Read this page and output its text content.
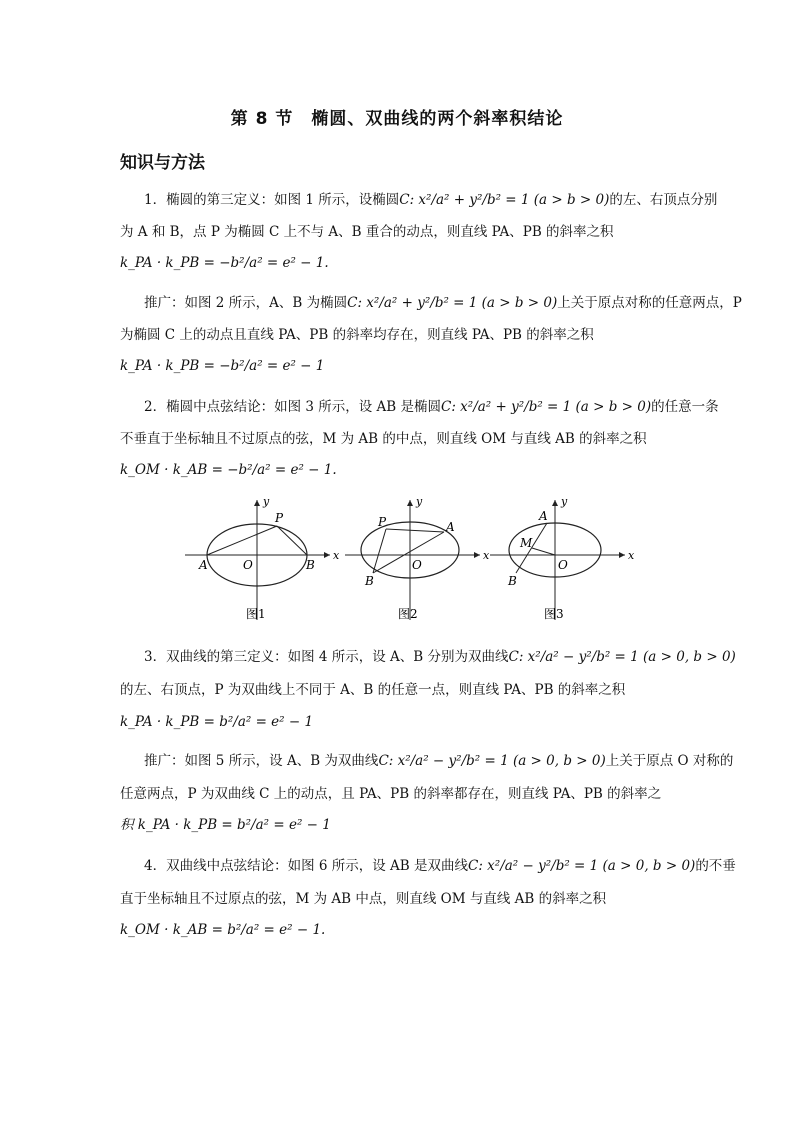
第 8 节　椭圆、双曲线的两个斜率积结论
知识与方法
1．椭圆的第三定义：如图 1 所示，设椭圆C: x²/a² + y²/b² = 1 (a > b > 0)的左、右顶点分别
为 A 和 B，点 P 为椭圆 C 上不与 A、B 重合的动点，则直线 PA、PB 的斜率之积
k_PA · k_PB = −b²/a² = e² − 1.
推广：如图 2 所示，A、B 为椭圆C: x²/a² + y²/b² = 1 (a > b > 0)上关于原点对称的任意两点，P
为椭圆 C 上的动点且直线 PA、PB 的斜率均存在，则直线 PA、PB 的斜率之积
k_PA · k_PB = −b²/a² = e² − 1
2．椭圆中点弦结论：如图 3 所示，设 AB 是椭圆C: x²/a² + y²/b² = 1 (a > b > 0)的任意一条
不垂直于坐标轴且不过原点的弦，M 为 AB 的中点，则直线 OM 与直线 AB 的斜率之积
k_OM · k_AB = −b²/a² = e² − 1.
y
x
P
A	B
O
图1
y
x
P	A
B
O
图2
y
x
A
M
B
O
图3
3．双曲线的第三定义：如图 4 所示，设 A、B 分别为双曲线C: x²/a² − y²/b² = 1 (a > 0, b > 0)
的左、右顶点，P 为双曲线上不同于 A、B 的任意一点，则直线 PA、PB 的斜率之积
k_PA · k_PB = b²/a² = e² − 1
推广：如图 5 所示，设 A、B 为双曲线C: x²/a² − y²/b² = 1 (a > 0, b > 0)上关于原点 O 对称的
任意两点，P 为双曲线 C 上的动点，且 PA、PB 的斜率都存在，则直线 PA、PB 的斜率之
积 k_PA · k_PB = b²/a² = e² − 1
4．双曲线中点弦结论：如图 6 所示，设 AB 是双曲线C: x²/a² − y²/b² = 1 (a > 0, b > 0)的不垂
直于坐标轴且不过原点的弦，M 为 AB 中点，则直线 OM 与直线 AB 的斜率之积
k_OM · k_AB = b²/a² = e² − 1.
